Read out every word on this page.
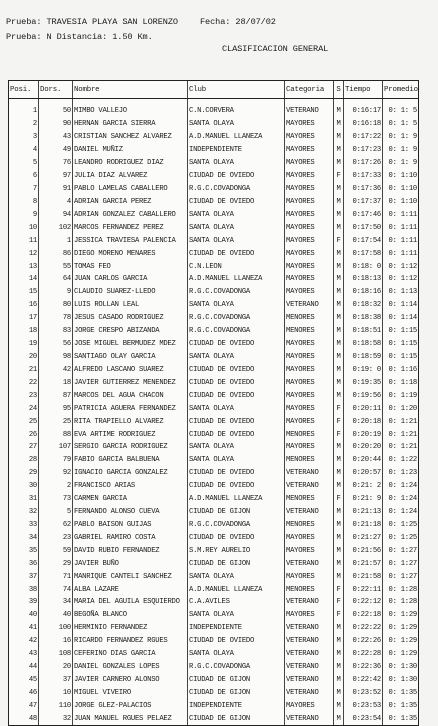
Prueba: TRAVESIA PLAYA SAN LORENZO
Prueba: N Distancia: 1.50 Km.
Fecha: 28/07/02
CLASIFICACION GENERAL
Posi.	Dors.	Nombre	Club	Categoria	S Tiempo	Promedio
1	50 MIMBO VALLEJO	C.N.CORVERA	VETERANO	M	0:16:17	0: 1: 5
2	90 HERNAN GARCIA SIERRA	SANTA OLAYA	MAYORES	M	0:16:18	0: 1: 5
3	43 CRISTIAN SANCHEZ ALVAREZ	A.D.MANUEL LLANEZA	MAYORES	M	0:17:22	0: 1: 9
4	49 DANIEL MUÑIZ	INDEPENDIENTE	MAYORES	M	0:17:23	0: 1: 9
5	76 LEANDRO RODRIGUEZ DIAZ	SANTA OLAYA	MAYORES	M	0:17:26	0: 1: 9
6	97 JULIA DIAZ ALVAREZ	CIUDAD DE OVIEDO	MAYORES	F	0:17:33	0: 1:10
7	91 PABLO LAMELAS CABALLERO	R.G.C.COVADONGA	MAYORES	M	0:17:36	0: 1:10
8	4 ADRIAN GARCIA PEREZ	CIUDAD DE OVIEDO	MAYORES	M	0:17:37	0: 1:10
9	94 ADRIAN GONZALEZ CABALLERO	SANTA OLAYA	MAYORES	M	0:17:46	0: 1:11
10	102 MARCOS FERNANDEZ PEREZ	SANTA OLAYA	MAYORES	M	0:17:50	0: 1:11
11	1 JESSICA TRAVIESA PALENCIA	SANTA OLAYA	MAYORES	F	0:17:54	0: 1:11
12	86 DIEGO MORENO MENARES	CIUDAD DE OVIEDO	MAYORES	M	0:17:58	0: 1:11
13	55 TOMAS FEO	C.N.LEON	MAYORES	M	0:18: 0	0: 1:12
14	64 JUAN CARLOS GARCIA	A.D.MANUEL LLANEZA	MAYORES	M	0:18:13	0: 1:12
15	9 CLAUDIO SUAREZ-LLEDO	R.G.C.COVADONGA	MAYORES	M	0:18:16	0: 1:13
16	80 LUIS ROLLAN LEAL	SANTA OLAYA	VETERANO	M	0:18:32	0: 1:14
17	78 JESUS CASADO RODRIGUEZ	R.G.C.COVADONGA	MENORES	M	0:18:38	0: 1:14
18	83 JORGE CRESPO ABIZANDA	R.G.C.COVADONGA	MENORES	M	0:18:51	0: 1:15
19	56 JOSE MIGUEL BERMUDEZ MDEZ	CIUDAD DE OVIEDO	MAYORES	M	0:18:58	0: 1:15
20	98 SANTIAGO OLAY GARCIA	SANTA OLAYA	MAYORES	M	0:18:59	0: 1:15
21	42 ALFREDO LASCANO SUAREZ	CIUDAD DE OVIEDO	MAYORES	M	0:19: 0	0: 1:16
22	18 JAVIER GUTIERREZ MENENDEZ	CIUDAD DE OVIEDO	MAYORES	M	0:19:35	0: 1:18
23	87 MARCOS DEL AGUA CHACON	CIUDAD DE OVIEDO	MAYORES	M	0:19:56	0: 1:19
24	95 PATRICIA AGUERA FERNANDEZ	SANTA OLAYA	MAYORES	F	0:20:11	0: 1:20
25	25 RITA TRAPIELLO ALVAREZ	CIUDAD DE OVIEDO	MAYORES	F	0:20:18	0: 1:21
26	88 EVA ARTIME RODRIGUEZ	CIUDAD DE OVIEDO	MENORES	F	0:20:19	0: 1:21
27	107 SERGIO GARCIA RODRIGUEZ	SANTA OLAYA	MAYORES	M	0:20:20	0: 1:21
28	79 FABIO GARCIA BALBUENA	SANTA OLAYA	MENORES	M	0:20:44	0: 1:22
29	92 IGNACIO GARCIA GONZALEZ	CIUDAD DE OVIEDO	VETERANO	M	0:20:57	0: 1:23
30	2 FRANCISCO ARIAS	CIUDAD DE OVIEDO	VETERANO	M	0:21: 2	0: 1:24
31	73 CARMEN GARCIA	A.D.MANUEL LLANEZA	MENORES	F	0:21: 9	0: 1:24
32	5 FERNANDO ALONSO CUEVA	CIUDAD DE GIJON	VETERANO	M	0:21:13	0: 1:24
33	62 PABLO BAISON GUIJAS	R.G.C.COVADONGA	MENORES	M	0:21:18	0: 1:25
34	23 GABRIEL RAMIRO COSTA	CIUDAD DE OVIEDO	MAYORES	M	0:21:27	0: 1:25
35	59 DAVID RUBIO FERNANDEZ	S.M.REY AURELIO	MAYORES	M	0:21:56	0: 1:27
36	29 JAVIER BUÑO	CIUDAD DE GIJON	VETERANO	M	0:21:57	0: 1:27
37	71 MANRIQUE CANTELI SANCHEZ	SANTA OLAYA	MAYORES	M	0:21:58	0: 1:27
38	74 ALBA LAZARE	A.D.MANUEL LLANEZA	MENORES	F	0:22:11	0: 1:28
39	34 MARIA DEL AGUILA ESQUIERDO	C.A.AVILES	VETERANO	F	0:22:12	0: 1:28
40	40 BEGOÑA BLANCO	SANTA OLAYA	MAYORES	F	0:22:18	0: 1:29
41	100 HERMINIO FERNANDEZ	INDEPENDIENTE	VETERANO	M	0:22:22	0: 1:29
42	16 RICARDO FERNANDEZ RGUES	CIUDAD DE OVIEDO	VETERANO	M	0:22:26	0: 1:29
43	108 CEFERINO DIAS GARCIA	SANTA OLAYA	VETERANO	M	0:22:28	0: 1:29
44	20 DANIEL GONZALES LOPES	R.G.C.COVADONGA	VETERANO	M	0:22:36	0: 1:30
45	37 JAVIER CARNERO ALONSO	CIUDAD DE GIJON	VETERANO	M	0:22:42	0: 1:30
46	10 MIGUEL VIVEIRO	CIUDAD DE GIJON	VETERANO	M	0:23:52	0: 1:35
47	110 JORGE GLEZ-PALACIOS	INDEPENDIENTE	MAYORES	M	0:23:53	0: 1:35
48	32 JUAN MANUEL RGUES PELAEZ	CIUDAD DE GIJON	VETERANO	M	0:23:54	0: 1:35
